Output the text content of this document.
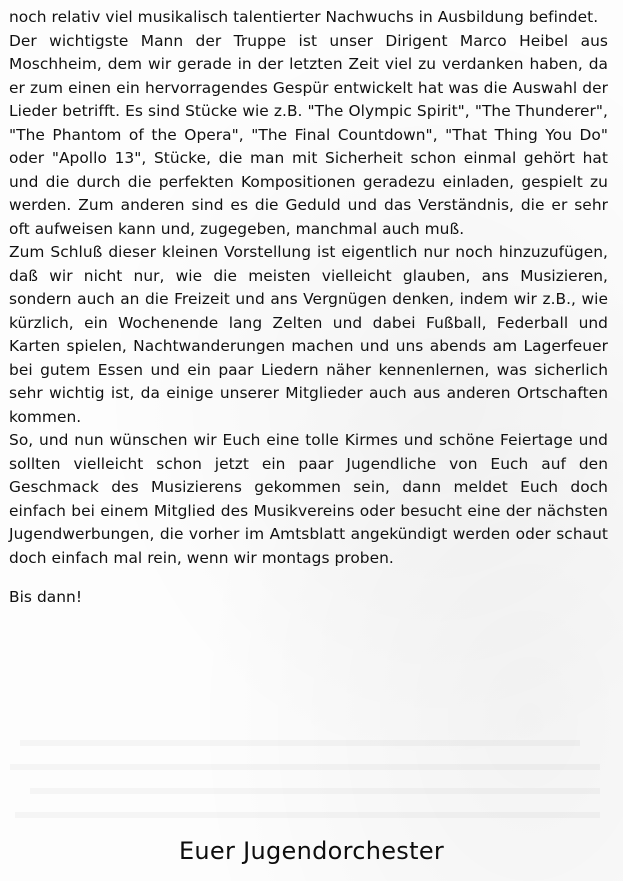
noch relativ viel musikalisch talentierter Nachwuchs in Ausbildung befindet.

Der wichtigste Mann der Truppe ist unser Dirigent Marco Heibel aus Moschheim, dem wir gerade in der letzten Zeit viel zu verdanken haben, da er zum einen ein hervorragendes Gespür entwickelt hat was die Auswahl der Lieder betrifft. Es sind Stücke wie z.B. "The Olympic Spirit", "The Thunderer", "The Phantom of the Opera", "The Final Countdown", "That Thing You Do" oder "Apollo 13", Stücke, die man mit Sicherheit schon einmal gehört hat und die durch die perfekten Kompositionen geradezu einladen, gespielt zu werden. Zum anderen sind es die Geduld und das Verständnis, die er sehr oft aufweisen kann und, zugegeben, manchmal auch muß.

Zum Schluß dieser kleinen Vorstellung ist eigentlich nur noch hinzuzufügen, daß wir nicht nur, wie die meisten vielleicht glauben, ans Musizieren, sondern auch an die Freizeit und ans Vergnügen denken, indem wir z.B., wie kürzlich, ein Wochenende lang Zelten und dabei Fußball, Federball und Karten spielen, Nachtwanderungen machen und uns abends am Lagerfeuer bei gutem Essen und ein paar Liedern näher kennenlernen, was sicherlich sehr wichtig ist, da einige unserer Mitglieder auch aus anderen Ortschaften kommen.

So, und nun wünschen wir Euch eine tolle Kirmes und schöne Feiertage und sollten vielleicht schon jetzt ein paar Jugendliche von Euch auf den Geschmack des Musizierens gekommen sein, dann meldet Euch doch einfach bei einem Mitglied des Musikvereins oder besucht eine der nächsten Jugendwerbungen, die vorher im Amtsblatt angekündigt werden oder schaut doch einfach mal rein, wenn wir montags proben.

Bis dann!

Euer Jugendorchester
